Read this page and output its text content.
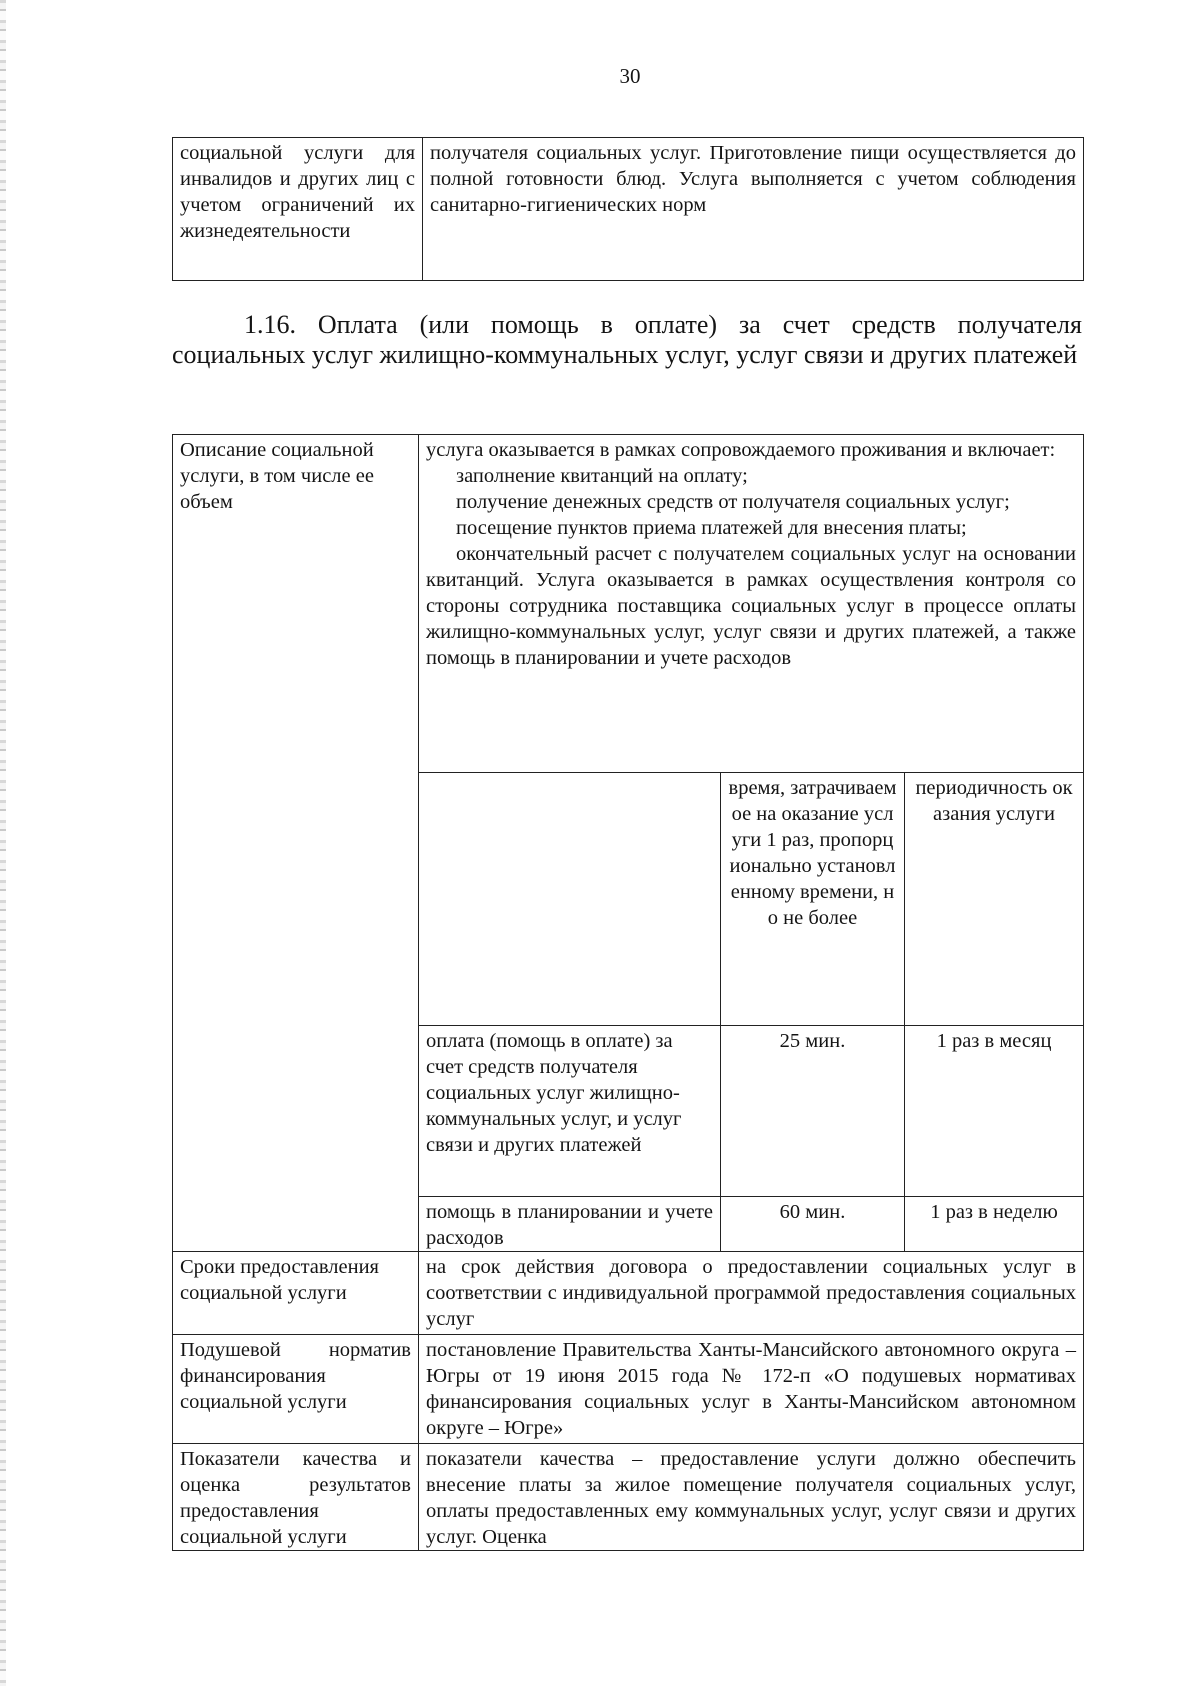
30
социальной услуги для инвалидов и других лиц с учетом ограничений их жизнедеятельности	получателя социальных услуг. Приготовление пищи осуществляется до полной готовности блюд. Услуга выполняется с учетом соблюдения санитарно-гигиенических норм
1.16. Оплата (или помощь в оплате) за счет средств получателя социальных услуг жилищно-коммунальных услуг, услуг связи и других платежей
Описание социальной услуги, в том числе ее объем	услуга оказывается в рамках сопровождаемого проживания и включает:
заполнение квитанций на оплату;
получение денежных средств от получателя социальных услуг;
посещение пунктов приема платежей для внесения платы;
окончательный расчет с получателем социальных услуг на основании квитанций. Услуга оказывается в рамках осуществления контроля со стороны сотрудника поставщика социальных услуг в процессе оплаты жилищно-коммунальных услуг, услуг связи и других платежей, а также помощь в планировании и учете расходов		

		время, затрачиваемое на оказание услуги 1 раз, пропорционально установленному времени, но не более	периодичность оказания услуги
	оплата (помощь в оплате) за счет средств получателя социальных услуг жилищно-коммунальных услуг, и услуг связи и других платежей	25 мин.	1 раз в месяц
	помощь в планировании и учете расходов	60 мин.	1 раз в неделю
Сроки предоставления социальной услуги	на срок действия договора о предоставлении социальных услуг в соответствии с индивидуальной программой предоставления социальных услуг		
Подушевой норматив финансирования социальной услуги	постановление Правительства Ханты-Мансийского автономного округа – Югры от 19 июня 2015 года № 172-п «О подушевых нормативах финансирования социальных услуг в Ханты-Мансийском автономном округе – Югре»		
Показатели качества и оценка результатов предоставления социальной услуги	показатели качества – предоставление услуги должно обеспечить внесение платы за жилое помещение получателя социальных услуг, оплаты предоставленных ему коммунальных услуг, услуг связи и других услуг. Оценка		
